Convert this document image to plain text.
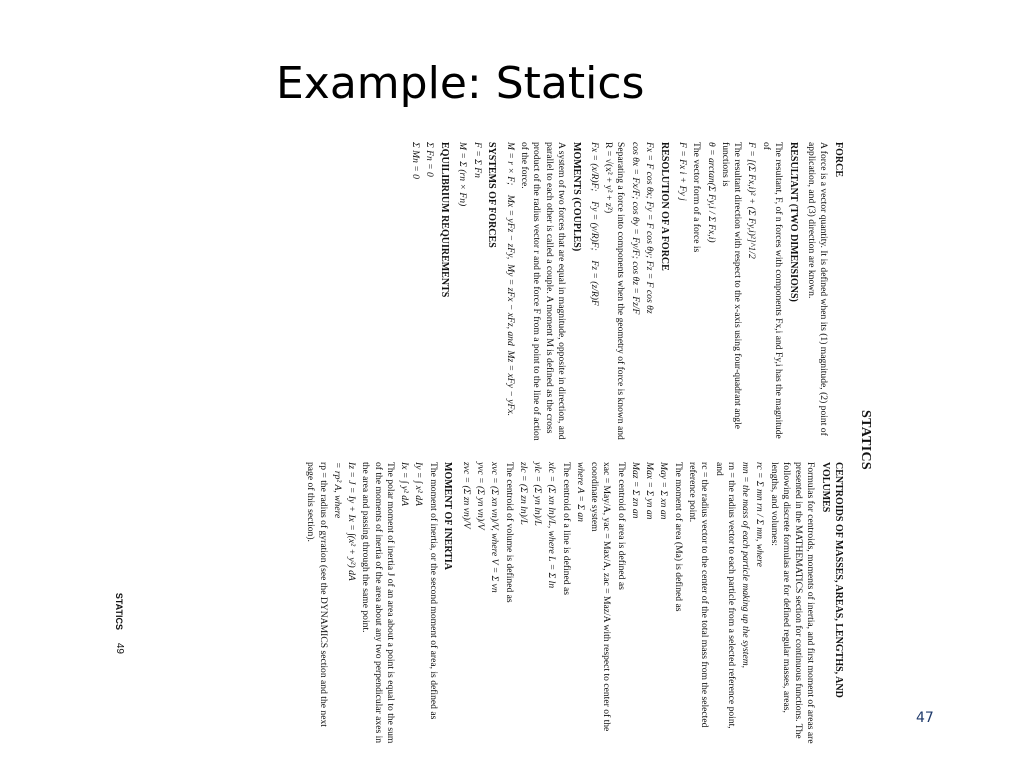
Example: Statics
STATICS
FORCE

A force is a vector quantity. It is defined when its (1) magnitude, (2) point of application, and (3) direction are known.

RESULTANT (TWO DIMENSIONS)

The resultant, F, of n forces with components Fx,i and Fy,i has the magnitude of

F = [(Σ Fx,i)² + (Σ Fy,i)²]^1/2

The resultant direction with respect to the x-axis using four-quadrant angle functions is

θ = arctan(Σ Fy,i / Σ Fx,i)

The vector form of a force is

F = Fx i + Fy j

RESOLUTION OF A FORCE

Fx = F cos θx; Fy = F cos θy; Fz = F cos θz

cos θx = Fx/F; cos θy = Fy/F; cos θz = Fz/F

Separating a force into components when the geometry of force is known and R = √(x² + y² + z²)

Fx = (x/R)F;    Fy = (y/R)F;    Fz = (z/R)F

MOMENTS (COUPLES)

A system of two forces that are equal in magnitude, opposite in direction, and parallel to each other is called a couple. A moment M is defined as the cross product of the radius vector r and the force F from a point to the line of action of the force.

M = r × F;    Mx = yFz − zFy,  My = zFx − xFz, and  Mz = xFy − yFx.

SYSTEMS OF FORCES

F = Σ Fn

M = Σ (rn × Fn)

EQUILIBRIUM REQUIREMENTS

Σ Fn = 0

Σ Mn = 0

CENTROIDS OF MASSES, AREAS, LENGTHS, AND VOLUMES

Formulas for centroids, moments of inertia, and first moment of areas are presented in the MATHEMATICS section for continuous functions. The following discrete formulas are for defined regular masses, areas, lengths, and volumes:

rc = Σ mn rn / Σ mn, where

mn = the mass of each particle making up the system,

rn = the radius vector to each particle from a selected reference point, and

rc = the radius vector to the center of the total mass from the selected reference point.

The moment of area (Ma) is defined as

May = Σ xn an

Max = Σ yn an

Maz = Σ zn an

The centroid of area is defined as

xac = May/A, yac = Max/A, zac = Maz/A with respect to center of the coordinate system

where A = Σ an

The centroid of a line is defined as

xlc = (Σ xn ln)/L, where L = Σ ln

ylc = (Σ yn ln)/L

zlc = (Σ zn ln)/L

The centroid of volume is defined as

xvc = (Σ xn vn)/V, where V = Σ vn

yvc = (Σ yn vn)/V

zvc = (Σ zn vn)/V

MOMENT OF INERTIA

The moment of inertia, or the second moment of area, is defined as

Iy = ∫ x² dA

Ix = ∫ y² dA

The polar moment of inertia J of an area about a point is equal to the sum of the moments of inertia of the area about any two perpendicular axes in the area and passing through the same point.

Iz = J = Iy + Ix = ∫(x² + y²) dA

= rp² A, where

rp = the radius of gyration (see the DYNAMICS section and the next page of this section).

STATICS
49
47
